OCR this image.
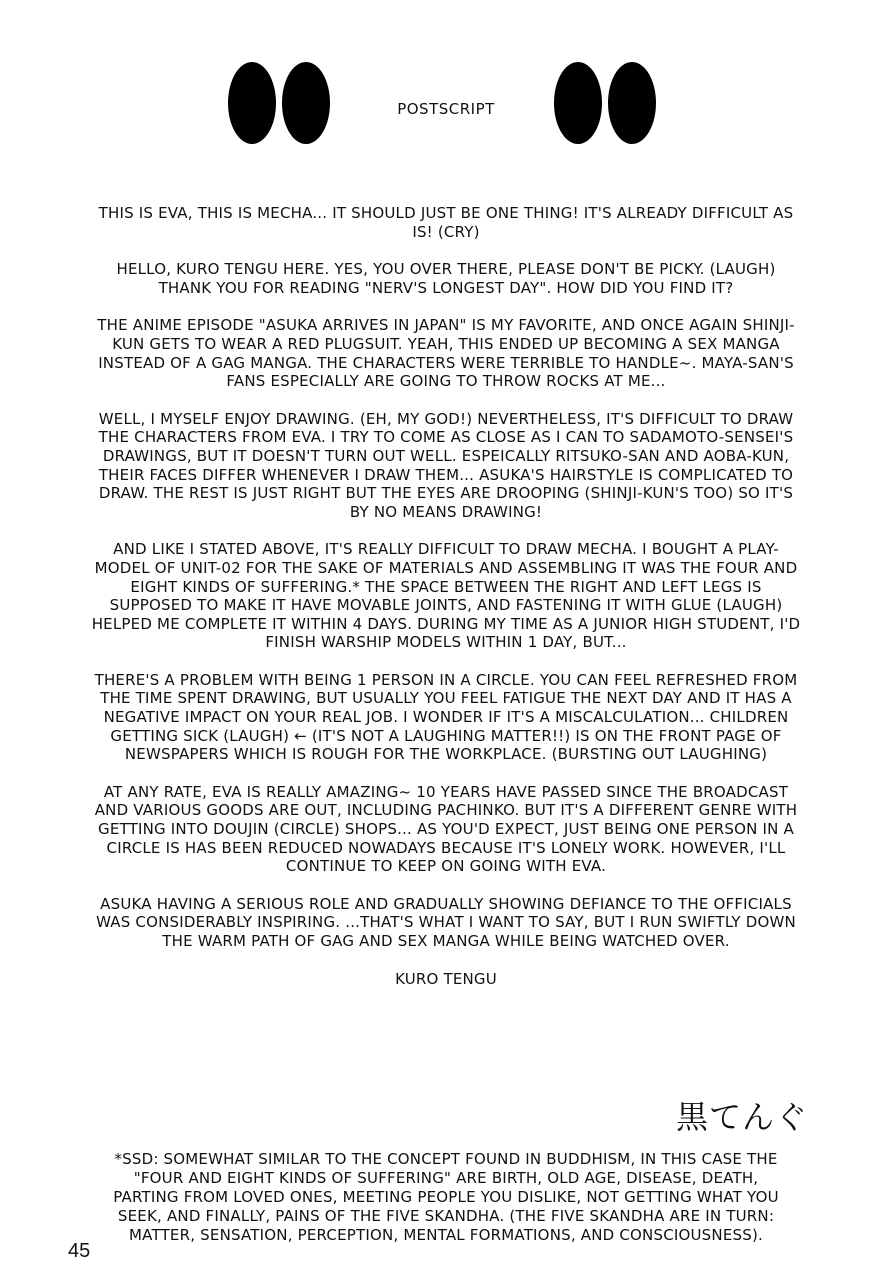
POSTSCRIPT

THIS IS EVA, THIS IS MECHA... IT SHOULD JUST BE ONE THING! IT'S ALREADY DIFFICULT AS IS! (CRY)

HELLO, KURO TENGU HERE. YES, YOU OVER THERE, PLEASE DON'T BE PICKY. (LAUGH) THANK YOU FOR READING "NERV'S LONGEST DAY". HOW DID YOU FIND IT?

THE ANIME EPISODE "ASUKA ARRIVES IN JAPAN" IS MY FAVORITE, AND ONCE AGAIN SHINJI-KUN GETS TO WEAR A RED PLUGSUIT. YEAH, THIS ENDED UP BECOMING A SEX MANGA INSTEAD OF A GAG MANGA. THE CHARACTERS WERE TERRIBLE TO HANDLE~. MAYA-SAN'S FANS ESPECIALLY ARE GOING TO THROW ROCKS AT ME...

WELL, I MYSELF ENJOY DRAWING. (EH, MY GOD!) NEVERTHELESS, IT'S DIFFICULT TO DRAW THE CHARACTERS FROM EVA. I TRY TO COME AS CLOSE AS I CAN TO SADAMOTO-SENSEI'S DRAWINGS, BUT IT DOESN'T TURN OUT WELL. ESPEICALLY RITSUKO-SAN AND AOBA-KUN, THEIR FACES DIFFER WHENEVER I DRAW THEM... ASUKA'S HAIRSTYLE IS COMPLICATED TO DRAW. THE REST IS JUST RIGHT BUT THE EYES ARE DROOPING (SHINJI-KUN'S TOO) SO IT'S BY NO MEANS DRAWING!

AND LIKE I STATED ABOVE, IT'S REALLY DIFFICULT TO DRAW MECHA. I BOUGHT A PLAY-MODEL OF UNIT-02 FOR THE SAKE OF MATERIALS AND ASSEMBLING IT WAS THE FOUR AND EIGHT KINDS OF SUFFERING.* THE SPACE BETWEEN THE RIGHT AND LEFT LEGS IS SUPPOSED TO MAKE IT HAVE MOVABLE JOINTS, AND FASTENING IT WITH GLUE (LAUGH) HELPED ME COMPLETE IT WITHIN 4 DAYS. DURING MY TIME AS A JUNIOR HIGH STUDENT, I'D FINISH WARSHIP MODELS WITHIN 1 DAY, BUT...

THERE'S A PROBLEM WITH BEING 1 PERSON IN A CIRCLE. YOU CAN FEEL REFRESHED FROM THE TIME SPENT DRAWING, BUT USUALLY YOU FEEL FATIGUE THE NEXT DAY AND IT HAS A NEGATIVE IMPACT ON YOUR REAL JOB. I WONDER IF IT'S A MISCALCULATION... CHILDREN GETTING SICK (LAUGH) ← (IT'S NOT A LAUGHING MATTER!!) IS ON THE FRONT PAGE OF NEWSPAPERS WHICH IS ROUGH FOR THE WORKPLACE. (BURSTING OUT LAUGHING)

AT ANY RATE, EVA IS REALLY AMAZING~ 10 YEARS HAVE PASSED SINCE THE BROADCAST AND VARIOUS GOODS ARE OUT, INCLUDING PACHINKO. BUT IT'S A DIFFERENT GENRE WITH GETTING INTO DOUJIN (CIRCLE) SHOPS... AS YOU'D EXPECT, JUST BEING ONE PERSON IN A CIRCLE IS HAS BEEN REDUCED NOWADAYS BECAUSE IT'S LONELY WORK. HOWEVER, I'LL CONTINUE TO KEEP ON GOING WITH EVA.

ASUKA HAVING A SERIOUS ROLE AND GRADUALLY SHOWING DEFIANCE TO THE OFFICIALS WAS CONSIDERABLY INSPIRING. ...THAT'S WHAT I WANT TO SAY, BUT I RUN SWIFTLY DOWN THE WARM PATH OF GAG AND SEX MANGA WHILE BEING WATCHED OVER.

KURO TENGU

黒てんぐ
*SSD: SOMEWHAT SIMILAR TO THE CONCEPT FOUND IN BUDDHISM, IN THIS CASE THE "FOUR AND EIGHT KINDS OF SUFFERING" ARE BIRTH, OLD AGE, DISEASE, DEATH, PARTING FROM LOVED ONES, MEETING PEOPLE YOU DISLIKE, NOT GETTING WHAT YOU SEEK, AND FINALLY, PAINS OF THE FIVE SKANDHA. (THE FIVE SKANDHA ARE IN TURN: MATTER, SENSATION, PERCEPTION, MENTAL FORMATIONS, AND CONSCIOUSNESS).
45
